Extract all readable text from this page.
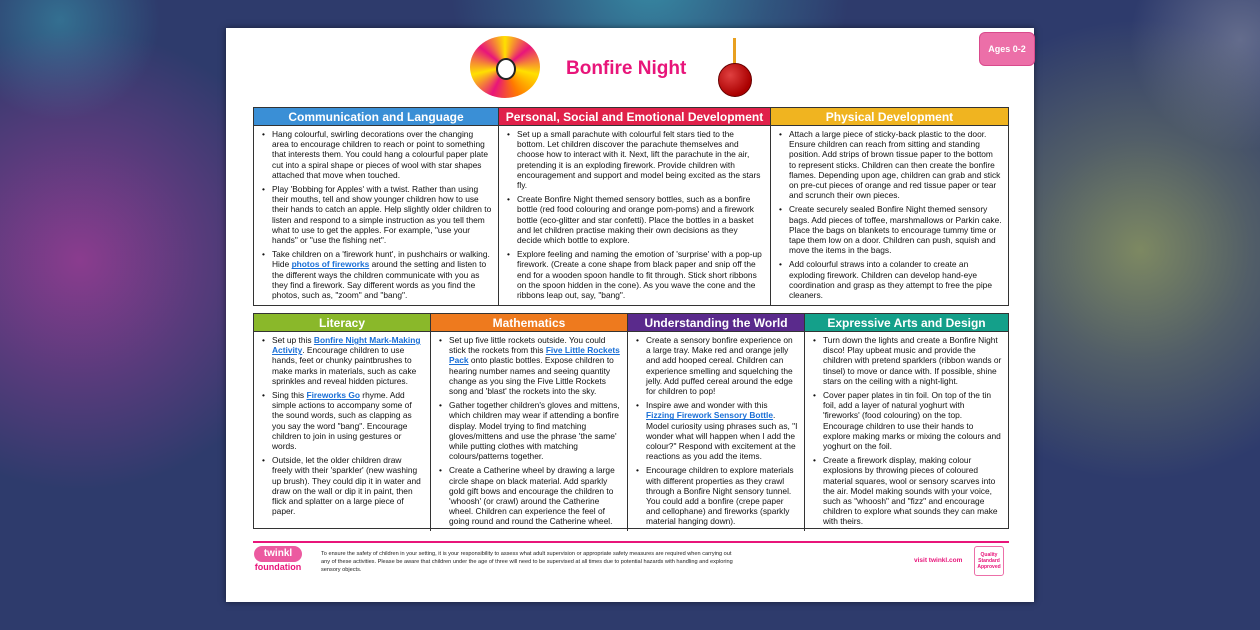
Bonfire Night
Ages 0-2
Communication and Language
• Hang colourful, swirling decorations over the changing area to encourage children to reach or point to something that interests them. You could hang a colourful paper plate cut into a spiral shape or pieces of wool with star shapes attached that move when touched.
• Play 'Bobbing for Apples' with a twist. Rather than using their mouths, tell and show younger children how to use their hands to catch an apple. Help slightly older children to listen and respond to a simple instruction as you tell them what to use to get the apples. For example, "use your hands" or "use the fishing net".
• Take children on a 'firework hunt', in pushchairs or walking. Hide photos of fireworks around the setting and listen to the different ways the children communicate with you as they find a firework. Say different words as you find the photos, such as, "zoom" and "bang".
Personal, Social and Emotional Development
• Set up a small parachute with colourful felt stars tied to the bottom. Let children discover the parachute themselves and choose how to interact with it. Next, lift the parachute in the air, pretending it is an exploding firework. Provide children with encouragement and support and model being excited as the stars fly.
• Create Bonfire Night themed sensory bottles, such as a bonfire bottle (red food colouring and orange pom-poms) and a firework bottle (eco-glitter and star confetti). Place the bottles in a basket and let children practise making their own decisions as they decide which bottle to explore.
• Explore feeling and naming the emotion of 'surprise' with a pop-up firework. (Create a cone shape from black paper and snip off the end for a wooden spoon handle to fit through. Stick short ribbons on the spoon hidden in the cone). As you wave the cone and the ribbons leap out, say, "bang".
Physical Development
• Attach a large piece of sticky-back plastic to the door. Ensure children can reach from sitting and standing position. Add strips of brown tissue paper to the bottom to represent sticks. Children can then create the bonfire flames. Depending upon age, children can grab and stick on pre-cut pieces of orange and red tissue paper or tear and scrunch their own pieces.
• Create securely sealed Bonfire Night themed sensory bags. Add pieces of toffee, marshmallows or Parkin cake. Place the bags on blankets to encourage tummy time or tape them low on a door. Children can push, squish and move the items in the bags.
• Add colourful straws into a colander to create an exploding firework. Children can develop hand-eye coordination and grasp as they attempt to free the pipe cleaners.
Literacy
• Set up this Bonfire Night Mark-Making Activity. Encourage children to use hands, feet or chunky paintbrushes to make marks in materials, such as cake sprinkles and reveal hidden pictures.
• Sing this Fireworks Go rhyme. Add simple actions to accompany some of the sound words, such as clapping as you say the word "bang". Encourage children to join in using gestures or words.
• Outside, let the older children draw freely with their 'sparkler' (new washing up brush). They could dip it in water and draw on the wall or dip it in paint, then flick and splatter on a large piece of paper.
Mathematics
• Set up five little rockets outside. You could stick the rockets from this Five Little Rockets Pack onto plastic bottles. Expose children to hearing number names and seeing quantity change as you sing the Five Little Rockets song and 'blast' the rockets into the sky.
• Gather together children's gloves and mittens, which children may wear if attending a bonfire display. Model trying to find matching gloves/mittens and use the phrase 'the same' while putting clothes with matching colours/patterns together.
• Create a Catherine wheel by drawing a large circle shape on black material. Add sparkly gold gift bows and encourage the children to 'whoosh' (or crawl) around the Catherine wheel. Children can experience the feel of going round and round the Catherine wheel.
Understanding the World
• Create a sensory bonfire experience on a large tray. Make red and orange jelly and add hooped cereal. Children can experience smelling and squelching the jelly. Add puffed cereal around the edge for children to pop!
• Inspire awe and wonder with this Fizzing Firework Sensory Bottle. Model curiosity using phrases such as, "I wonder what will happen when I add the colour?" Respond with excitement at the reactions as you add the items.
• Encourage children to explore materials with different properties as they crawl through a Bonfire Night sensory tunnel. You could add a bonfire (crepe paper and cellophane) and fireworks (sparkly material hanging down).
Expressive Arts and Design
• Turn down the lights and create a Bonfire Night disco! Play upbeat music and provide the children with pretend sparklers (ribbon wands or tinsel) to move or dance with. If possible, shine stars on the ceiling with a night-light.
• Cover paper plates in tin foil. On top of the tin foil, add a layer of natural yoghurt with 'fireworks' (food colouring) on the top. Encourage children to use their hands to explore making marks or mixing the colours and yoghurt on the foil.
• Create a firework display, making colour explosions by throwing pieces of coloured material squares, wool or sensory scarves into the air. Model making sounds with your voice, such as "whoosh" and "fizz" and encourage children to explore what sounds they can make with theirs.
twinkl
foundation
To ensure the safety of children in your setting, it is your responsibility to assess what adult supervision or appropriate safety measures are required when carrying out any of these activities. Please be aware that children under the age of three will need to be supervised at all times due to potential hazards with handling and exploring sensory objects.
visit twinkl.com
Quality Standard Approved
